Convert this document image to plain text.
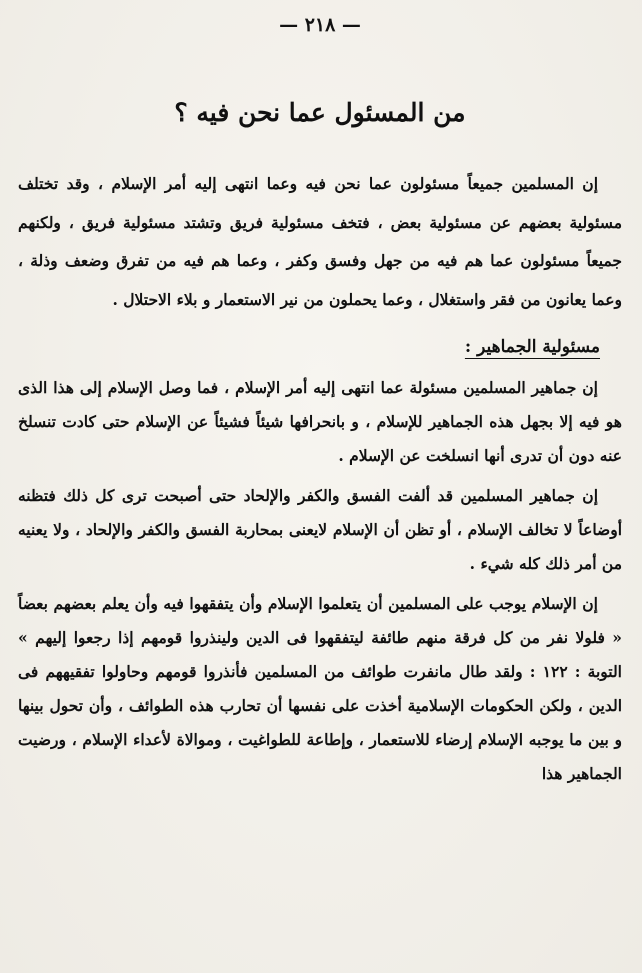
— ٢١٨ —
من المسئول عما نحن فيه ؟

إن المسلمين جميعاً مسئولون عما نحن فيه وعما انتهى إليه أمر الإسلام ، وقد تختلف مسئولية بعضهم عن مسئولية بعض ، فتخف مسئولية فريق وتشتد مسئولية فريق ، ولكنهم جميعاً مسئولون عما هم فيه من جهل وفسق وكفر ، وعما هم فيه من تفرق وضعف وذلة ، وعما يعانون من فقر واستغلال ، وعما يحملون من نير الاستعمار و بلاء الاحتلال .

مسئولية الجماهير :

إن جماهير المسلمين مسئولة عما انتهى إليه أمر الإسلام ، فما وصل الإسلام إلى هذا الذى هو فيه إلا بجهل هذه الجماهير للإسلام ، و بانحرافها شيئاً فشيئاً عن الإسلام حتى كادت تنسلخ عنه دون أن تدرى أنها انسلخت عن الإسلام .

إن جماهير المسلمين قد ألفت الفسق والكفر والإلحاد حتى أصبحت ترى كل ذلك فتظنه أوضاعاً لا تخالف الإسلام ، أو تظن أن الإسلام لايعنى بمحاربة الفسق والكفر والإلحاد ، ولا يعنيه من أمر ذلك كله شيء .

إن الإسلام يوجب على المسلمين أن يتعلموا الإسلام وأن يتفقهوا فيه وأن يعلم بعضهم بعضاً « فلولا نفر من كل فرقة منهم طائفة ليتفقهوا فى الدين ولينذروا قومهم إذا رجعوا إليهم » التوبة : ١٢٢ : ولقد طال مانفرت طوائف من المسلمين فأنذروا قومهم وحاولوا تفقيههم فى الدين ، ولكن الحكومات الإسلامية أخذت على نفسها أن تحارب هذه الطوائف ، وأن تحول بينها و بين ما يوجبه الإسلام إرضاء للاستعمار ، وإطاعة للطواغيت ، وموالاة لأعداء الإسلام ، ورضيت الجماهير هذا
